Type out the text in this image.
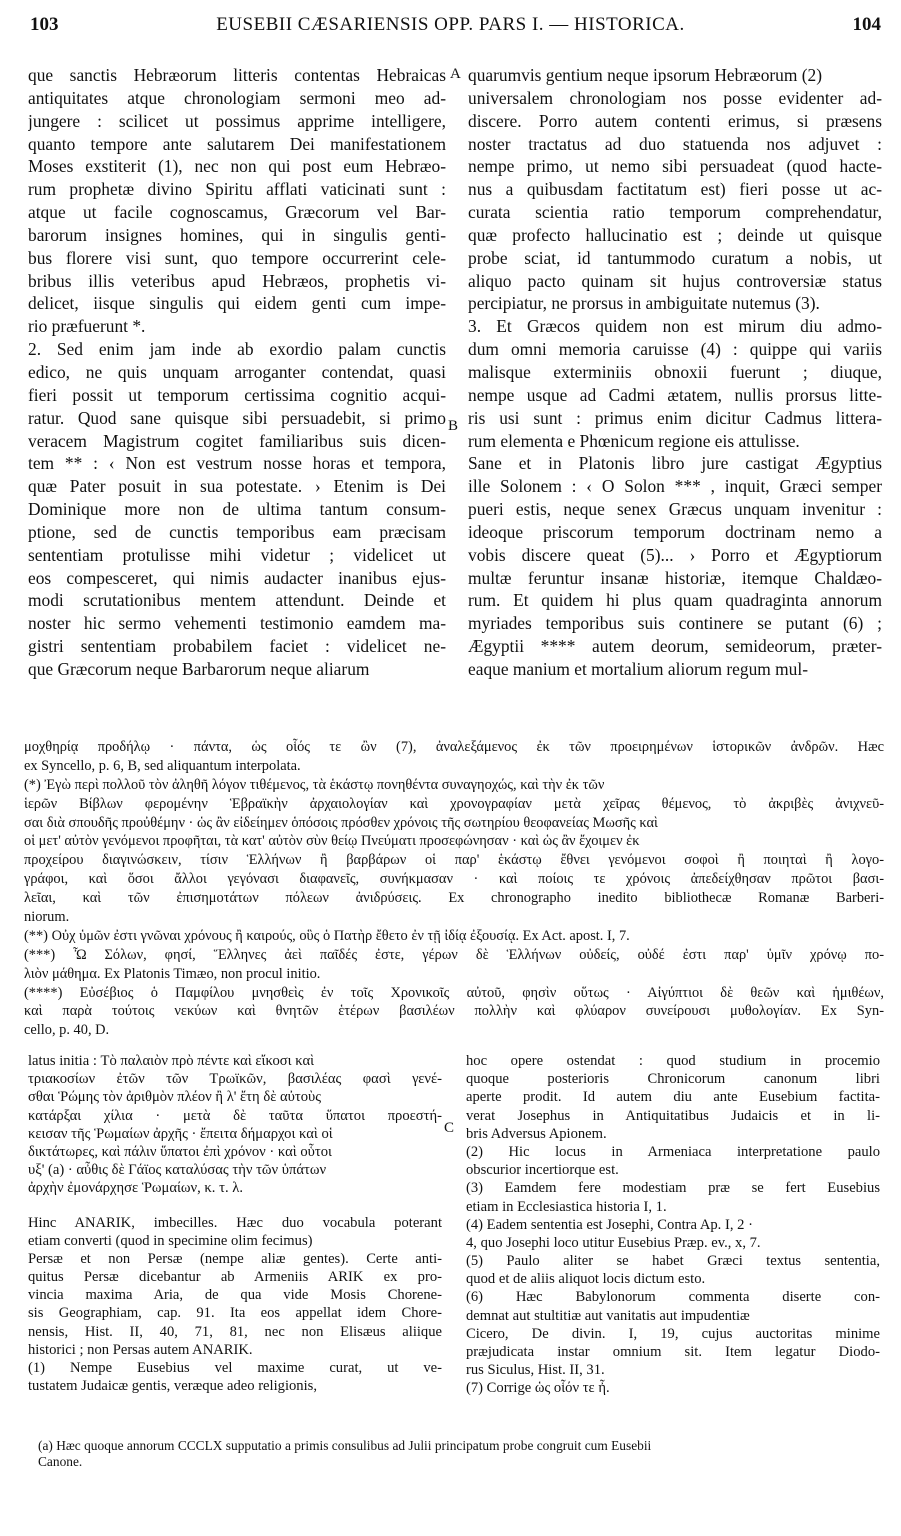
103	EUSEBII CÆSARIENSIS OPP. PARS I. — HISTORICA.	104
que sanctis Hebræorum litteris contentas Hebraicas
antiquitates atque chronologiam sermoni meo ad-
jungere : scilicet ut possimus apprime intelligere,
quanto tempore ante salutarem Dei manifestationem
Moses exstiterit (1), nec non qui post eum Hebræo-
rum prophetæ divino Spiritu afflati vaticinati sunt :
atque ut facile cognoscamus, Græcorum vel Bar-
barorum insignes homines, qui in singulis genti-
bus florere visi sunt, quo tempore occurrerint cele-
bribus illis veteribus apud Hebræos, prophetis vi-
delicet, iisque singulis qui eidem genti cum impe-
rio præfuerunt *.
2. Sed enim jam inde ab exordio palam cunctis
edico, ne quis unquam arroganter contendat, quasi
fieri possit ut temporum certissima cognitio acqui-
ratur. Quod sane quisque sibi persuadebit, si primo
veracem Magistrum cogitet familiaribus suis dicen-
tem ** : ‹ Non est vestrum nosse horas et tempora,
quæ Pater posuit in sua potestate. › Etenim is Dei
Dominique more non de ultima tantum consum-
ptione, sed de cunctis temporibus eam præcisam
sententiam protulisse mihi videtur ; videlicet ut
eos compesceret, qui nimis audacter inanibus ejus-
modi scrutationibus mentem attendunt. Deinde et
noster hic sermo vehementi testimonio eamdem ma-
gistri sententiam probabilem faciet : videlicet ne-
que Græcorum neque Barbarorum neque aliarum
quarumvis gentium neque ipsorum Hebræorum (2)
universalem chronologiam nos posse evidenter ad-
discere. Porro autem contenti erimus, si præsens
noster tractatus ad duo statuenda nos adjuvet :
nempe primo, ut nemo sibi persuadeat (quod hacte-
nus a quibusdam factitatum est) fieri posse ut ac-
curata scientia ratio temporum comprehendatur,
quæ profecto hallucinatio est ; deinde ut quisque
probe sciat, id tantummodo curatum a nobis, ut
aliquo pacto quinam sit hujus controversiæ status
percipiatur, ne prorsus in ambiguitate nutemus (3).
3. Et Græcos quidem non est mirum diu admo-
dum omni memoria caruisse (4) : quippe qui variis
malisque exterminiis obnoxii fuerunt ; diuque,
nempe usque ad Cadmi ætatem, nullis prorsus litte-
ris usi sunt : primus enim dicitur Cadmus littera-
rum elementa e Phœnicum regione eis attulisse.
Sane et in Platonis libro jure castigat Ægyptius
ille Solonem : ‹ O Solon *** , inquit, Græci semper
pueri estis, neque senex Græcus unquam invenitur :
ideoque priscorum temporum doctrinam nemo a
vobis discere queat (5)... › Porro et Ægyptiorum
multæ feruntur insanæ historiæ, itemque Chaldæo-
rum. Et quidem hi plus quam quadraginta annorum
myriades temporibus suis continere se putant (6) ;
Ægyptii **** autem deorum, semideorum, præter-
eaque manium et mortalium aliorum regum mul-
A
B
C
μοχθηρίᾳ προδήλῳ · πάντα, ὡς οἷός τε ὢν (7), ἀναλεξάμενος ἐκ τῶν προειρημένων ἱστορικῶν ἀνδρῶν. Hæc
ex Syncello, p. 6, B, sed aliquantum interpolata.
(*) Ἐγὼ περὶ πολλοῦ τὸν ἀληθῆ λόγον τιθέμενος, τὰ ἑκάστῳ πονηθέντα συναγηοχώς, καὶ τὴν ἐκ τῶν
ἱερῶν Βίβλων φερομένην Ἑβραϊκὴν ἀρχαιολογίαν καὶ χρονογραφίαν μετὰ χεῖρας θέμενος, τὸ ἀκριβὲς ἀνιχνεῦ-
σαι διὰ σπουδῆς προὐθέμην · ὡς ἂν εἰδείημεν ὁπόσοις πρόσθεν χρόνοις τῆς σωτηρίου θεοφανείας Μωσῆς καὶ
οἱ μετ' αὐτὸν γενόμενοι προφῆται, τὰ κατ' αὐτὸν σὺν θείῳ Πνεύματι προσεφώνησαν · καὶ ὡς ἂν ἔχοιμεν ἐκ
προχείρου διαγινώσκειν, τίσιν Ἑλλήνων ἢ βαρβάρων οἱ παρ' ἑκάστῳ ἔθνει γενόμενοι σοφοὶ ἢ ποιηταὶ ἢ λογο-
γράφοι, καὶ ὅσοι ἄλλοι γεγόνασι διαφανεῖς, συνήκμασαν · καὶ ποίοις τε χρόνοις ἀπεδείχθησαν πρῶτοι βασι-
λεῖαι, καὶ τῶν ἐπισημοτάτων πόλεων ἀνιδρύσεις. Ex chronographo inedito bibliothecæ Romanæ Barberi-
niorum.
(**) Οὐχ ὑμῶν ἐστι γνῶναι χρόνους ἢ καιρούς, οὓς ὁ Πατὴρ ἔθετο ἐν τῇ ἰδίᾳ ἐξουσίᾳ. Ex Act. apost. I, 7.
(***) Ὦ Σόλων, φησί, Ἕλληνες ἀεὶ παῖδές ἐστε, γέρων δὲ Ἑλλήνων οὐδείς, οὐδέ ἐστι παρ' ὑμῖν χρόνῳ πο-
λιὸν μάθημα. Ex Platonis Timæo, non procul initio.
(****) Εὐσέβιος ὁ Παμφίλου μνησθεὶς ἐν τοῖς Χρονικοῖς αὐτοῦ, φησὶν οὕτως · Αἰγύπτιοι δὲ θεῶν καὶ ἡμιθέων,
καὶ παρὰ τούτοις νεκύων καὶ θνητῶν ἑτέρων βασιλέων πολλὴν καὶ φλύαρον συνείρουσι μυθολογίαν. Ex Syn-
cello, p. 40, D.
latus initia : Τὸ παλαιὸν πρὸ πέντε καὶ εἴκοσι καὶ
τριακοσίων ἐτῶν τῶν Τρωϊκῶν, βασιλέας φασὶ γενέ-
σθαι Ῥώμης τὸν ἀριθμὸν πλέον ἢ λ' ἔτη δὲ αὐτοὺς
κατάρξαι χίλια · μετὰ δὲ ταῦτα ὕπατοι προεστή-
κεισαν τῆς Ῥωμαίων ἀρχῆς · ἔπειτα δήμαρχοι καὶ οἱ
δικτάτωρες, καὶ πάλιν ὕπατοι ἐπὶ χρόνον · καὶ οὗτοι
υξ' (a) · αὖθις δὲ Γάϊος καταλύσας τὴν τῶν ὑπάτων
ἀρχὴν ἐμονάρχησε Ῥωμαίων, κ. τ. λ.
Hinc ANARIK, imbecilles. Hæc duo vocabula poterant
etiam converti (quod in specimine olim fecimus)
Persæ et non Persæ (nempe aliæ gentes). Certe anti-
quitus Persæ dicebantur ab Armeniis ARIK ex pro-
vincia maxima Aria, de qua vide Mosis Chorene-
sis Geographiam, cap. 91. Ita eos appellat idem Chore-
nensis, Hist. II, 40, 71, 81, nec non Elisæus aliique
historici ; non Persas autem ANARIK.
(1) Nempe Eusebius vel maxime curat, ut ve-
tustatem Judaicæ gentis, veræque adeo religionis,
hoc opere ostendat : quod studium in procemio
quoque posterioris Chronicorum canonum libri
aperte prodit. Id autem diu ante Eusebium factita-
verat Josephus in Antiquitatibus Judaicis et in li-
bris Adversus Apionem.
(2) Hic locus in Armeniaca interpretatione paulo
obscurior incertiorque est.
(3) Eamdem fere modestiam præ se fert Eusebius
etiam in Ecclesiastica historia I, 1.
(4) Eadem sententia est Josephi, Contra Ap. I, 2 ·
4, quo Josephi loco utitur Eusebius Præp. ev., x, 7.
(5) Paulo aliter se habet Græci textus sententia,
quod et de aliis aliquot locis dictum esto.
(6) Hæc Babylonorum commenta diserte con-
demnat aut stultitiæ aut vanitatis aut impudentiæ
Cicero, De divin. I, 19, cujus auctoritas minime
præjudicata instar omnium sit. Item legatur Diodo-
rus Siculus, Hist. II, 31.
(7) Corrige ὡς οἷόν τε ἦ.
(a) Hæc quoque annorum CCCLX supputatio a primis consulibus ad Julii principatum probe congruit cum Eusebii
Canone.
